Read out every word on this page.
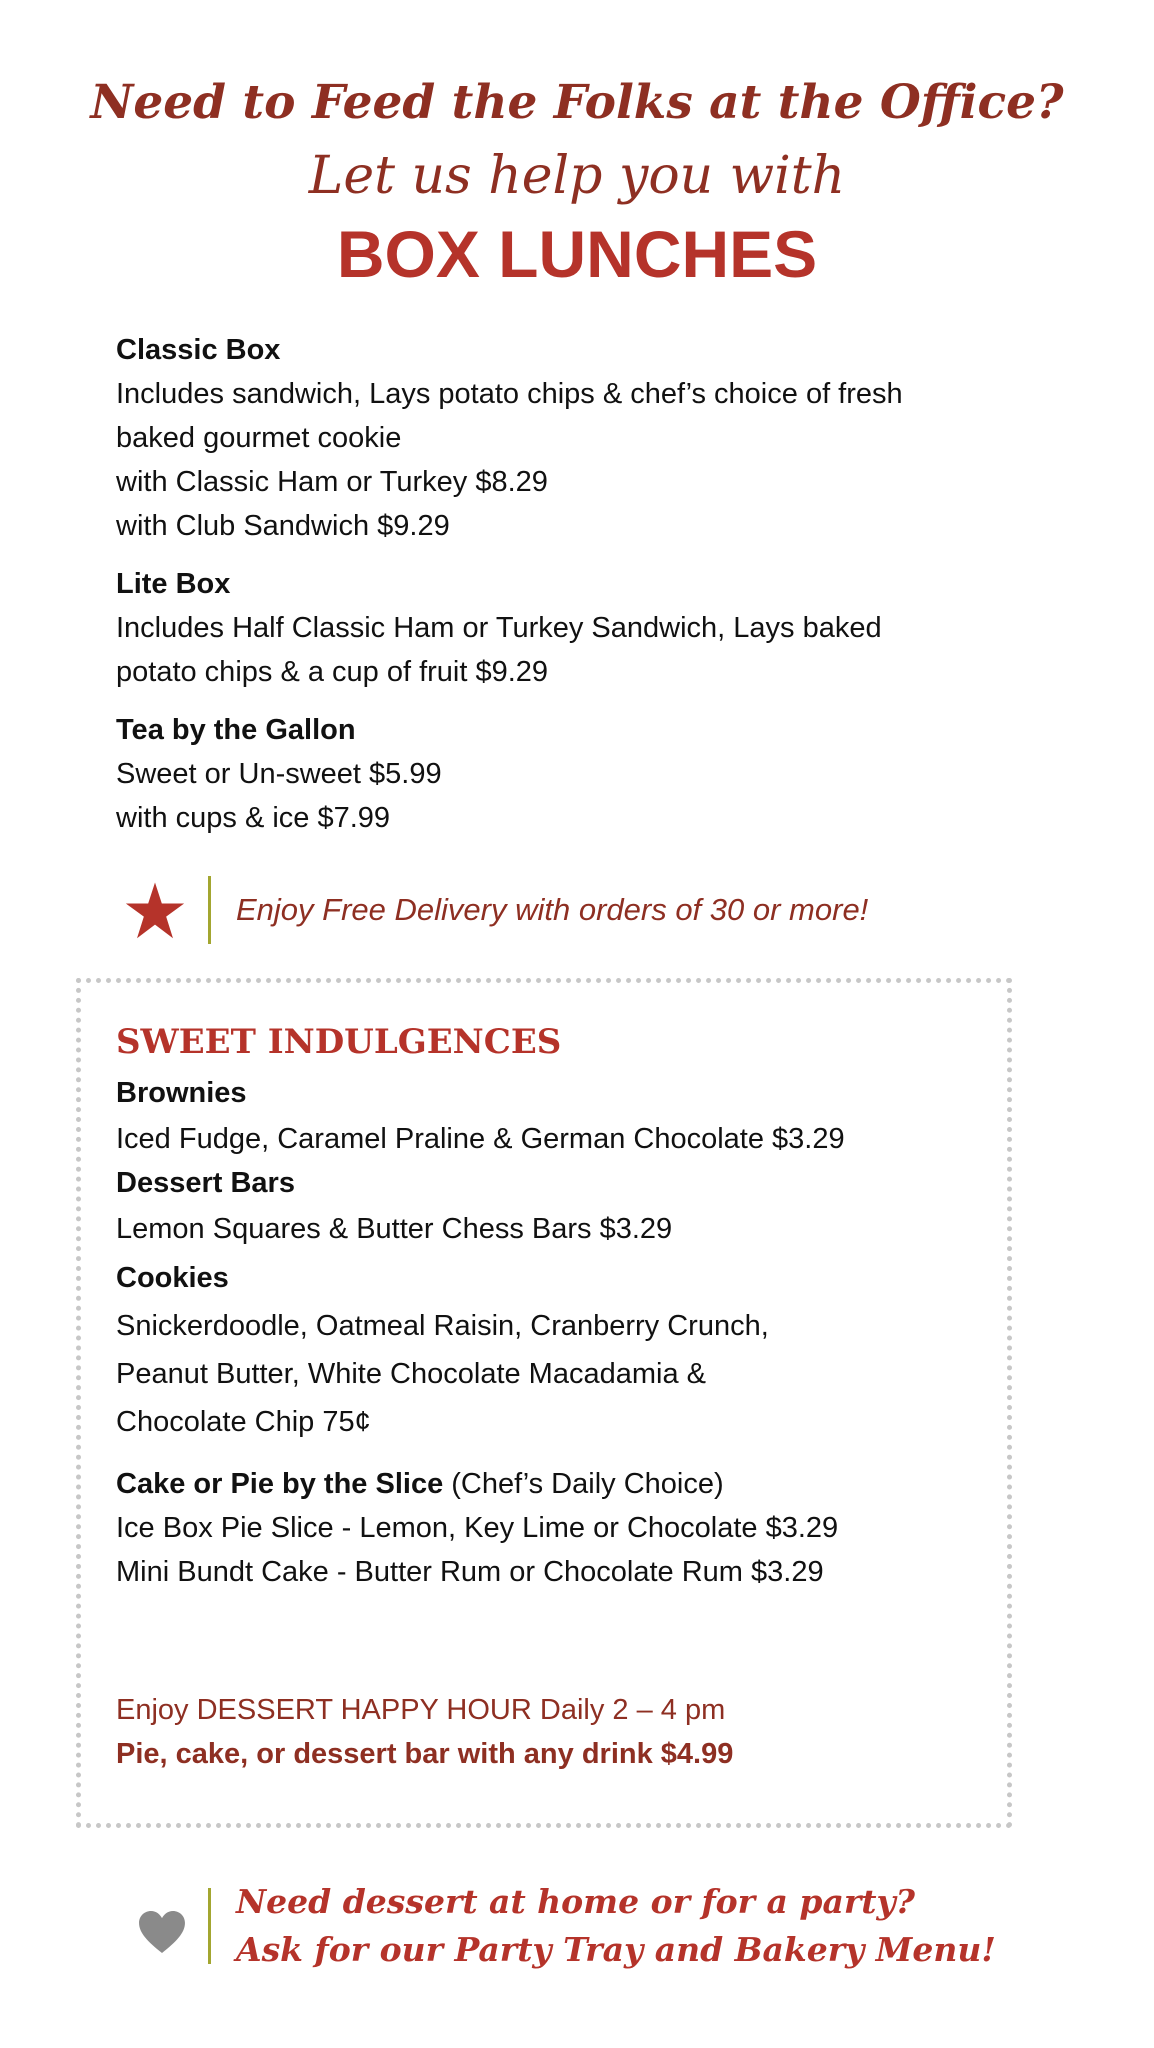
Need to Feed the Folks at the Office?
Let us help you with
BOX LUNCHES
Classic Box
Includes sandwich, Lays potato chips & chef’s choice of fresh
baked gourmet cookie
with Classic Ham or Turkey $8.29
with Club Sandwich $9.29
Lite Box
Includes Half Classic Ham or Turkey Sandwich, Lays baked
potato chips & a cup of fruit $9.29
Tea by the Gallon
Sweet or Un-sweet $5.99
with cups & ice $7.99
Enjoy Free Delivery with orders of 30 or more!
SWEET INDULGENCES
Brownies
Iced Fudge, Caramel Praline & German Chocolate $3.29
Dessert Bars
Lemon Squares & Butter Chess Bars $3.29
Cookies
Snickerdoodle, Oatmeal Raisin, Cranberry Crunch,
Peanut Butter, White Chocolate Macadamia &
Chocolate Chip 75¢
Cake or Pie by the Slice (Chef’s Daily Choice)
Ice Box Pie Slice - Lemon, Key Lime or Chocolate $3.29
Mini Bundt Cake - Butter Rum or Chocolate Rum $3.29
Enjoy DESSERT HAPPY HOUR Daily 2 – 4 pm
Pie, cake, or dessert bar with any drink $4.99
Need dessert at home or for a party?
Ask for our Party Tray and Bakery Menu!
